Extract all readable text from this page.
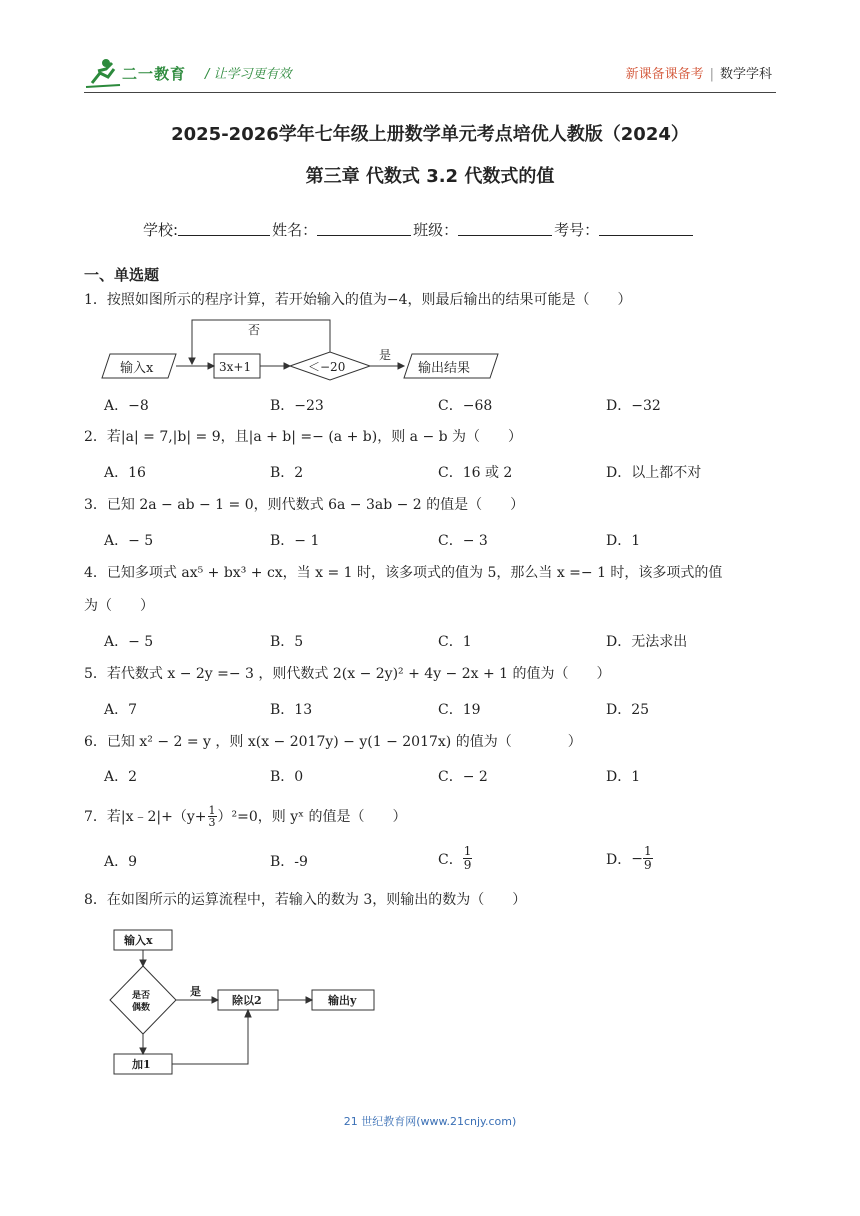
二一教育 / 让学习更有效	新课备课备考 | 数学学科
2025-2026学年七年级上册数学单元考点培优人教版（2024）
第三章 代数式 3.2 代数式的值
学校:	姓名：	班级：	考号：
一、单选题
1．按照如图所示的程序计算，若开始输入的值为−4，则最后输出的结果可能是（　　）
输入x	3x+1	＜−20
否
是
输出结果
A．−8	B．−23	C．−68	D．−32
2．若|a| = 7,|b| = 9，且|a + b| =− (a + b)，则 a − b 为（　　）
A．16	B．2	C．16 或 2	D．以上都不对
3．已知 2a − ab − 1 = 0，则代数式 6a − 3ab − 2 的值是（　　）
A．− 5	B．− 1	C．− 3	D．1
4．已知多项式 ax⁵ + bx³ + cx，当 x = 1 时，该多项式的值为 5，那么当 x =− 1 时，该多项式的值
为（　　）
A．− 5	B．5	C．1	D．无法求出
5．若代数式 x − 2y =− 3 ，则代数式 2(x − 2y)² + 4y − 2x + 1 的值为（　　）
A．7	B．13	C．19	D．25
6．已知 x² − 2 = y ，则 x(x − 2017y) − y(1 − 2017x) 的值为（　　　　）
A．2	B．0	C．− 2	D．1
7．若|x﹣2|+（y+ $\frac{1}{3} )^2=0$，则 yˣ 的值是（　　）
A．9	B．-9	C． $\frac{1}{9}$	D． − $\frac{1}{9}$
8．在如图所示的运算流程中，若输入的数为 3，则输出的数为（　　）
输入x
是否
偶数
是
除以2	输出y
加1
21 世纪教育网(www.21cnjy.com)
